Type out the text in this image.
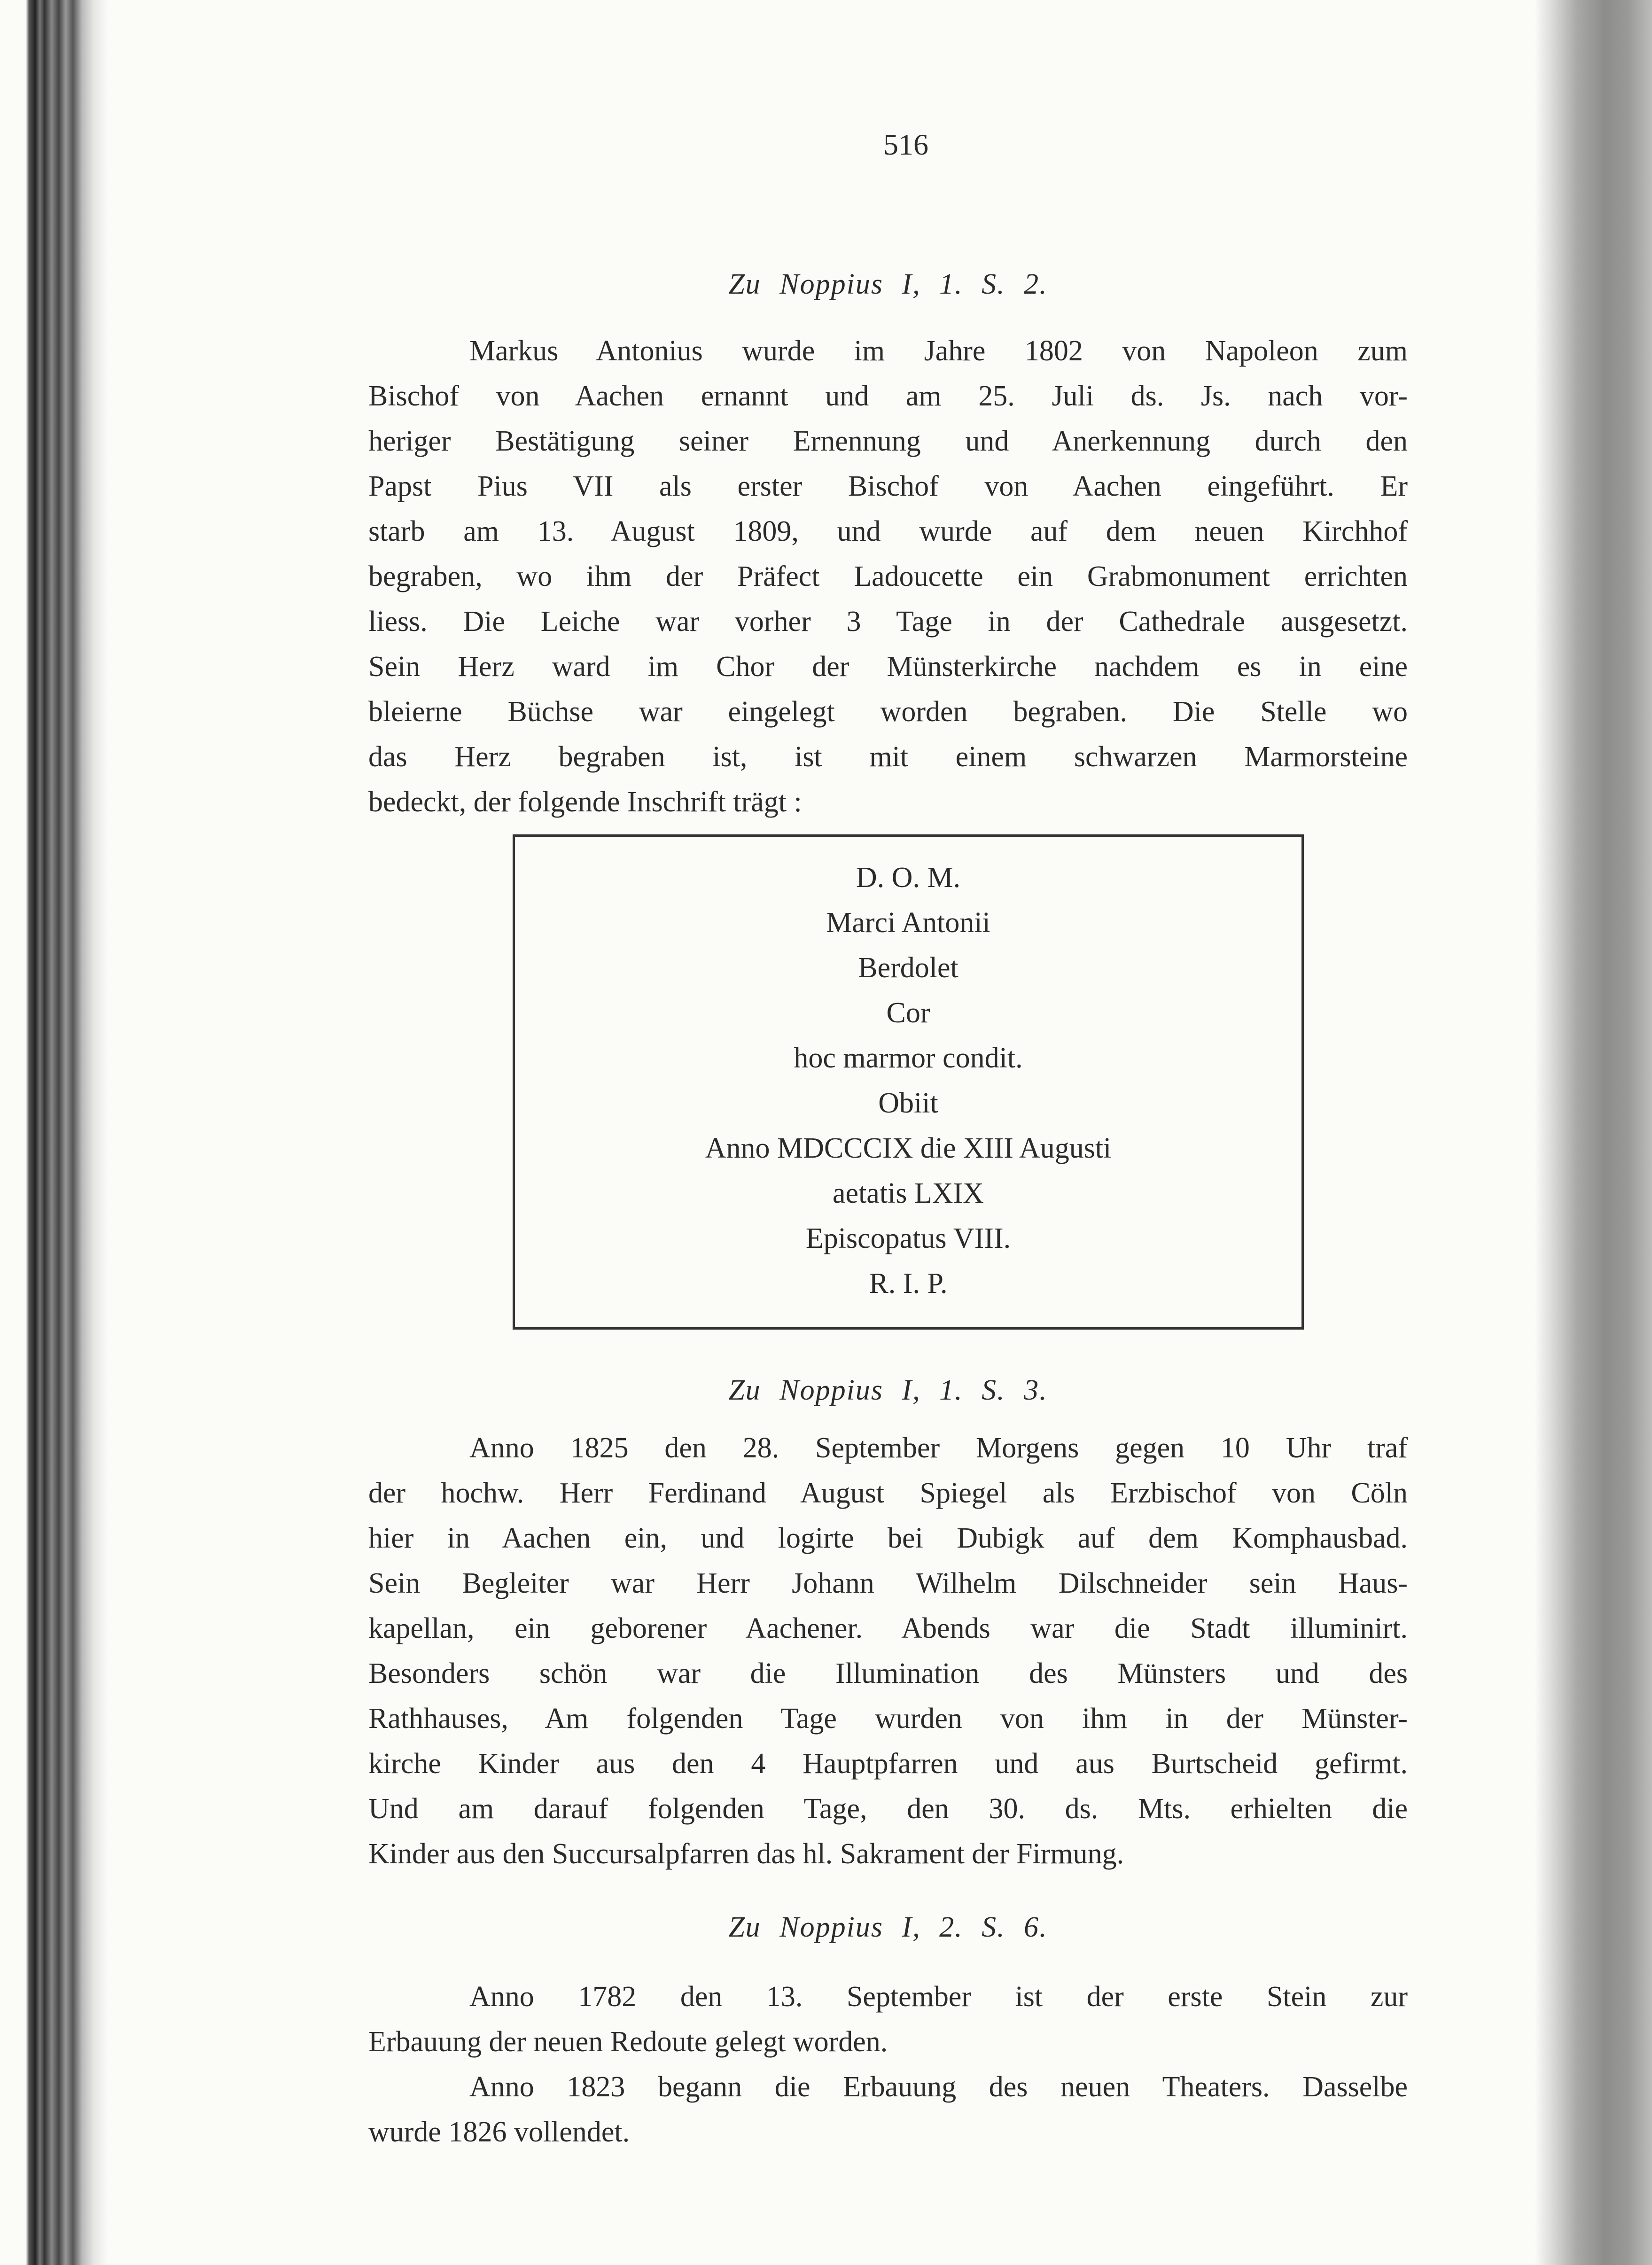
516
Zu Noppius I, 1. S. 2.
Markus Antonius wurde im Jahre 1802 von Napoleon zum
Bischof von Aachen ernannt und am 25. Juli ds. Js. nach vor-
heriger Bestätigung seiner Ernennung und Anerkennung durch den
Papst Pius VII als erster Bischof von Aachen eingeführt. Er
starb am 13. August 1809, und wurde auf dem neuen Kirchhof
begraben, wo ihm der Präfect Ladoucette ein Grabmonument errichten
liess. Die Leiche war vorher 3 Tage in der Cathedrale ausgesetzt.
Sein Herz ward im Chor der Münsterkirche nachdem es in eine
bleierne Büchse war eingelegt worden begraben. Die Stelle wo
das Herz begraben ist, ist mit einem schwarzen Marmorsteine
bedeckt, der folgende Inschrift trägt :
D. O. M.
Marci Antonii
Berdolet
Cor
hoc marmor condit.
Obiit
Anno MDCCCIX die XIII Augusti
aetatis LXIX
Episcopatus VIII.
R. I. P.
Zu Noppius I, 1. S. 3.
Anno 1825 den 28. September Morgens gegen 10 Uhr traf
der hochw. Herr Ferdinand August Spiegel als Erzbischof von Cöln
hier in Aachen ein, und logirte bei Dubigk auf dem Komphausbad.
Sein Begleiter war Herr Johann Wilhelm Dilschneider sein Haus-
kapellan, ein geborener Aachener. Abends war die Stadt illuminirt.
Besonders schön war die Illumination des Münsters und des
Rathhauses, Am folgenden Tage wurden von ihm in der Münster-
kirche Kinder aus den 4 Hauptpfarren und aus Burtscheid gefirmt.
Und am darauf folgenden Tage, den 30. ds. Mts. erhielten die
Kinder aus den Succursalpfarren das hl. Sakrament der Firmung.
Zu Noppius I, 2. S. 6.
Anno 1782 den 13. September ist der erste Stein zur
Erbauung der neuen Redoute gelegt worden.
Anno 1823 begann die Erbauung des neuen Theaters. Dasselbe
wurde 1826 vollendet.
